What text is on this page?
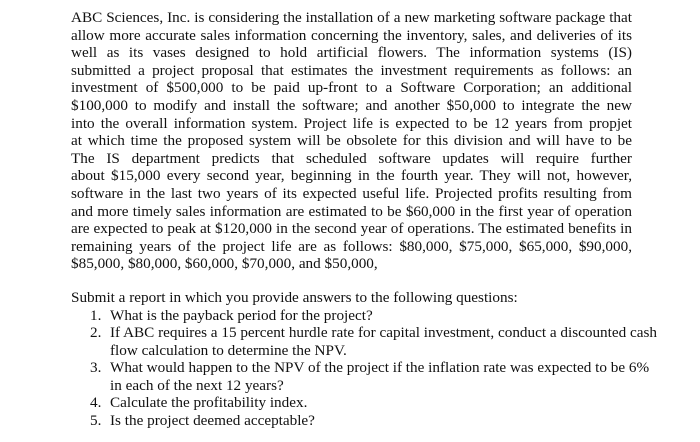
ABC Sciences, Inc. is considering the installation of a new marketing software package that
allow more accurate sales information concerning the inventory, sales, and deliveries of its
well as its vases designed to hold artificial flowers. The information systems (IS)
submitted a project proposal that estimates the investment requirements as follows: an
investment of $500,000 to be paid up-front to a Software Corporation; an additional
$100,000 to modify and install the software; and another $50,000 to integrate the new
into the overall information system. Project life is expected to be 12 years from propjet
at which time the proposed system will be obsolete for this division and will have to be
The IS department predicts that scheduled software updates will require further
about $15,000 every second year, beginning in the fourth year. They will not, however,
software in the last two years of its expected useful life. Projected profits resulting from
and more timely sales information are estimated to be $60,000 in the first year of operation
are expected to peak at $120,000 in the second year of operations. The estimated benefits in
remaining years of the project life are as follows: $80,000, $75,000, $65,000, $90,000,
$85,000, $80,000, $60,000, $70,000, and $50,000,
Submit a report in which you provide answers to the following questions:
1. What is the payback period for the project?
2. If ABC requires a 15 percent hurdle rate for capital investment, conduct a discounted cash
flow calculation to determine the NPV.
3. What would happen to the NPV of the project if the inflation rate was expected to be 6%
in each of the next 12 years?
4. Calculate the profitability index.
5. Is the project deemed acceptable?
